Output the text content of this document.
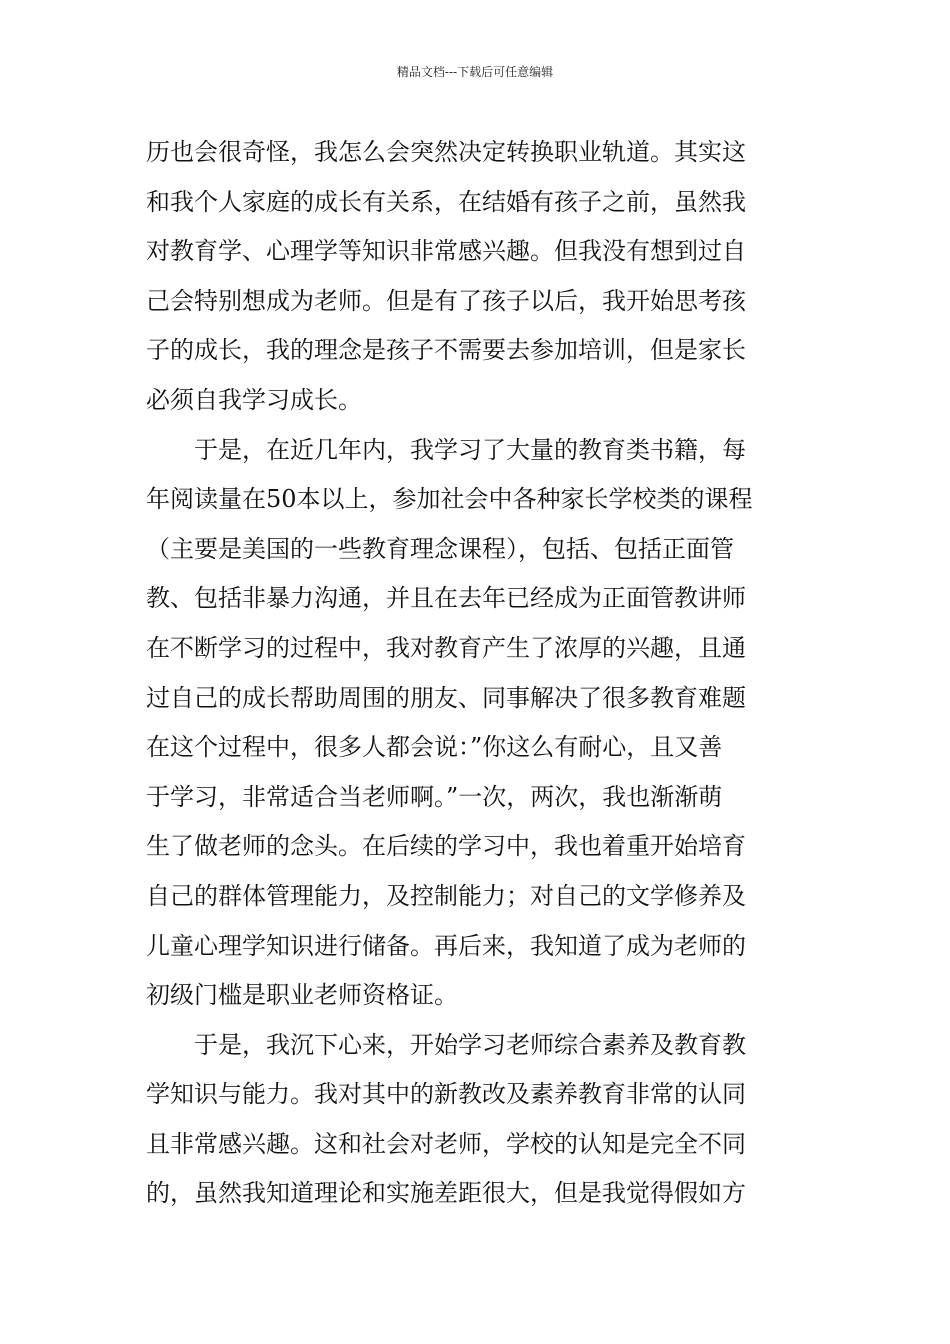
精品文档---下载后可任意编辑
历也会很奇怪，我怎么会突然决定转换职业轨道。其实这
和我个人家庭的成长有关系，在结婚有孩子之前，虽然我
对教育学、心理学等知识非常感兴趣。但我没有想到过自
己会特别想成为老师。但是有了孩子以后，我开始思考孩
子的成长，我的理念是孩子不需要去参加培训，但是家长
必须自我学习成长。
于是，在近几年内，我学习了大量的教育类书籍，每
年阅读量在50本以上，参加社会中各种家长学校类的课程
（主要是美国的一些教育理念课程），包括、包括正面管
教、包括非暴力沟通，并且在去年已经成为正面管教讲师
在不断学习的过程中，我对教育产生了浓厚的兴趣，且通
过自己的成长帮助周围的朋友、同事解决了很多教育难题
在这个过程中，很多人都会说：”你这么有耐心，且又善
于学习，非常适合当老师啊。”一次，两次，我也渐渐萌
生了做老师的念头。在后续的学习中，我也着重开始培育
自己的群体管理能力，及控制能力；对自己的文学修养及
儿童心理学知识进行储备。再后来，我知道了成为老师的
初级门槛是职业老师资格证。
于是，我沉下心来，开始学习老师综合素养及教育教
学知识与能力。我对其中的新教改及素养教育非常的认同
且非常感兴趣。这和社会对老师，学校的认知是完全不同
的，虽然我知道理论和实施差距很大，但是我觉得假如方
